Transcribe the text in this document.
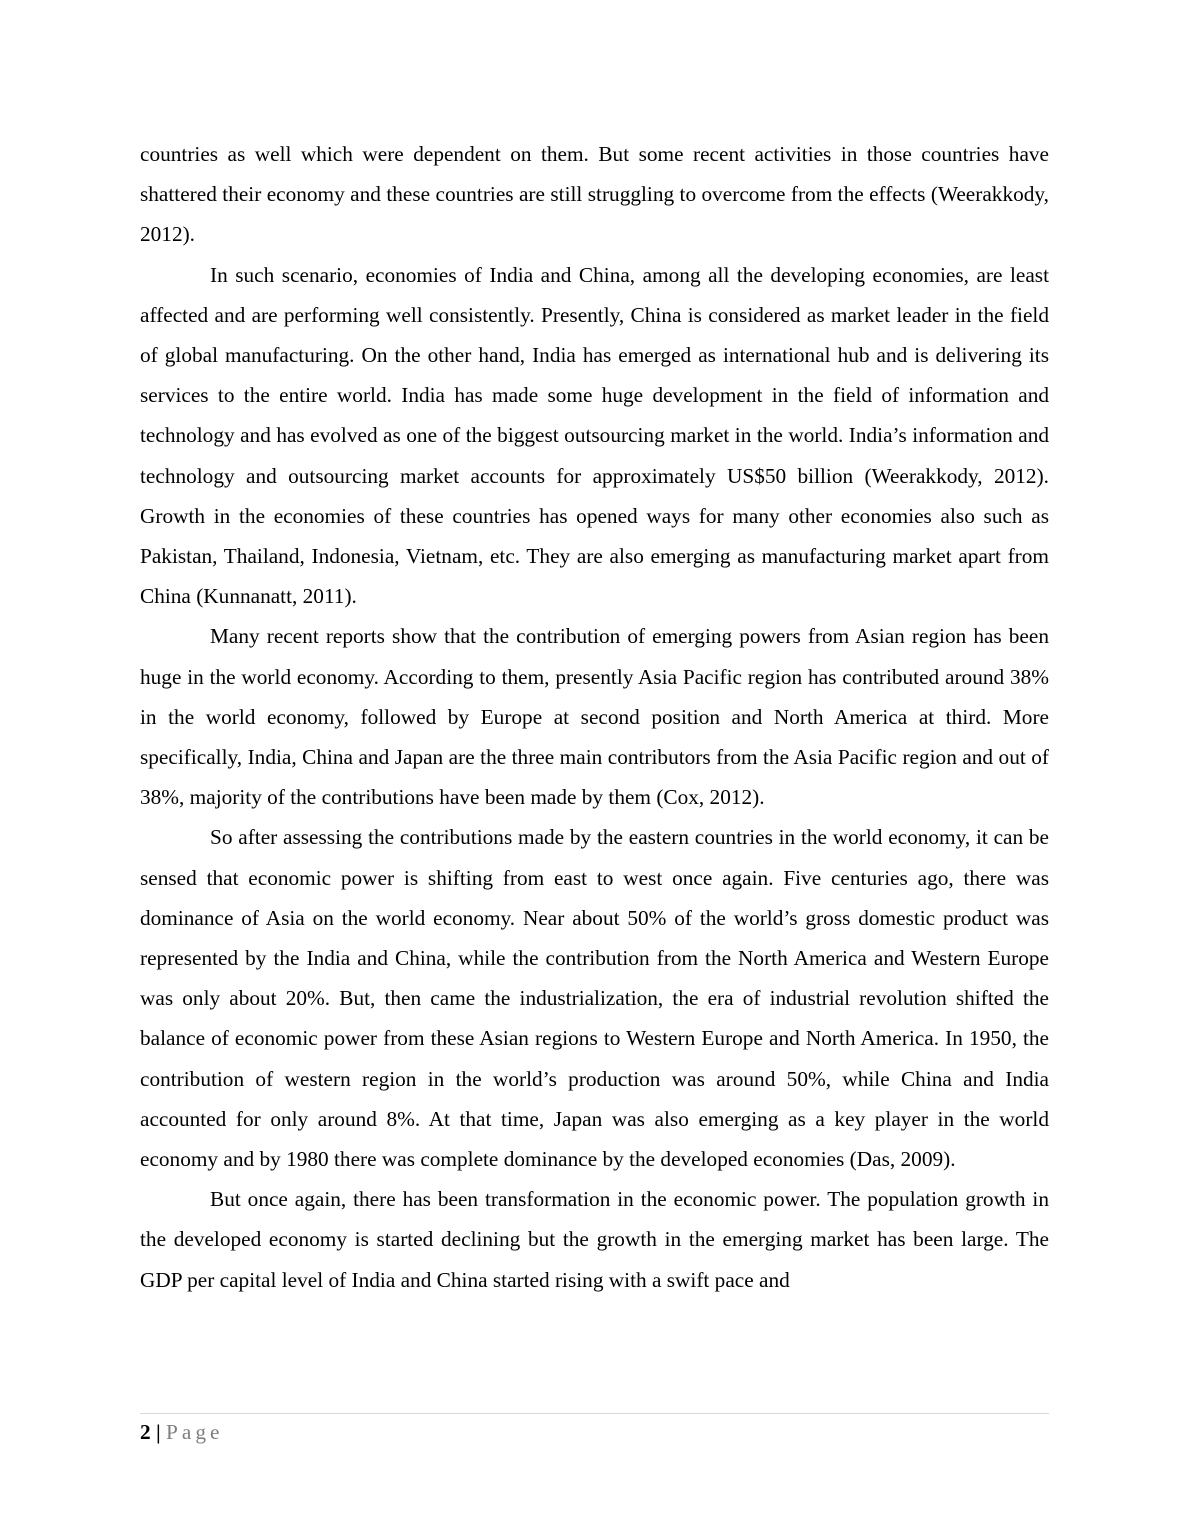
countries as well which were dependent on them. But some recent activities in those countries have shattered their economy and these countries are still struggling to overcome from the effects (Weerakkody, 2012).

In such scenario, economies of India and China, among all the developing economies, are least affected and are performing well consistently. Presently, China is considered as market leader in the field of global manufacturing. On the other hand, India has emerged as international hub and is delivering its services to the entire world. India has made some huge development in the field of information and technology and has evolved as one of the biggest outsourcing market in the world. India’s information and technology and outsourcing market accounts for approximately US$50 billion (Weerakkody, 2012). Growth in the economies of these countries has opened ways for many other economies also such as Pakistan, Thailand, Indonesia, Vietnam, etc. They are also emerging as manufacturing market apart from China (Kunnanatt, 2011).

Many recent reports show that the contribution of emerging powers from Asian region has been huge in the world economy. According to them, presently Asia Pacific region has contributed around 38% in the world economy, followed by Europe at second position and North America at third. More specifically, India, China and Japan are the three main contributors from the Asia Pacific region and out of 38%, majority of the contributions have been made by them (Cox, 2012).

So after assessing the contributions made by the eastern countries in the world economy, it can be sensed that economic power is shifting from east to west once again. Five centuries ago, there was dominance of Asia on the world economy. Near about 50% of the world’s gross domestic product was represented by the India and China, while the contribution from the North America and Western Europe was only about 20%. But, then came the industrialization, the era of industrial revolution shifted the balance of economic power from these Asian regions to Western Europe and North America. In 1950, the contribution of western region in the world’s production was around 50%, while China and India accounted for only around 8%. At that time, Japan was also emerging as a key player in the world economy and by 1980 there was complete dominance by the developed economies (Das, 2009).

But once again, there has been transformation in the economic power. The population growth in the developed economy is started declining but the growth in the emerging market has been large. The GDP per capital level of India and China started rising with a swift pace and

2 | Page
